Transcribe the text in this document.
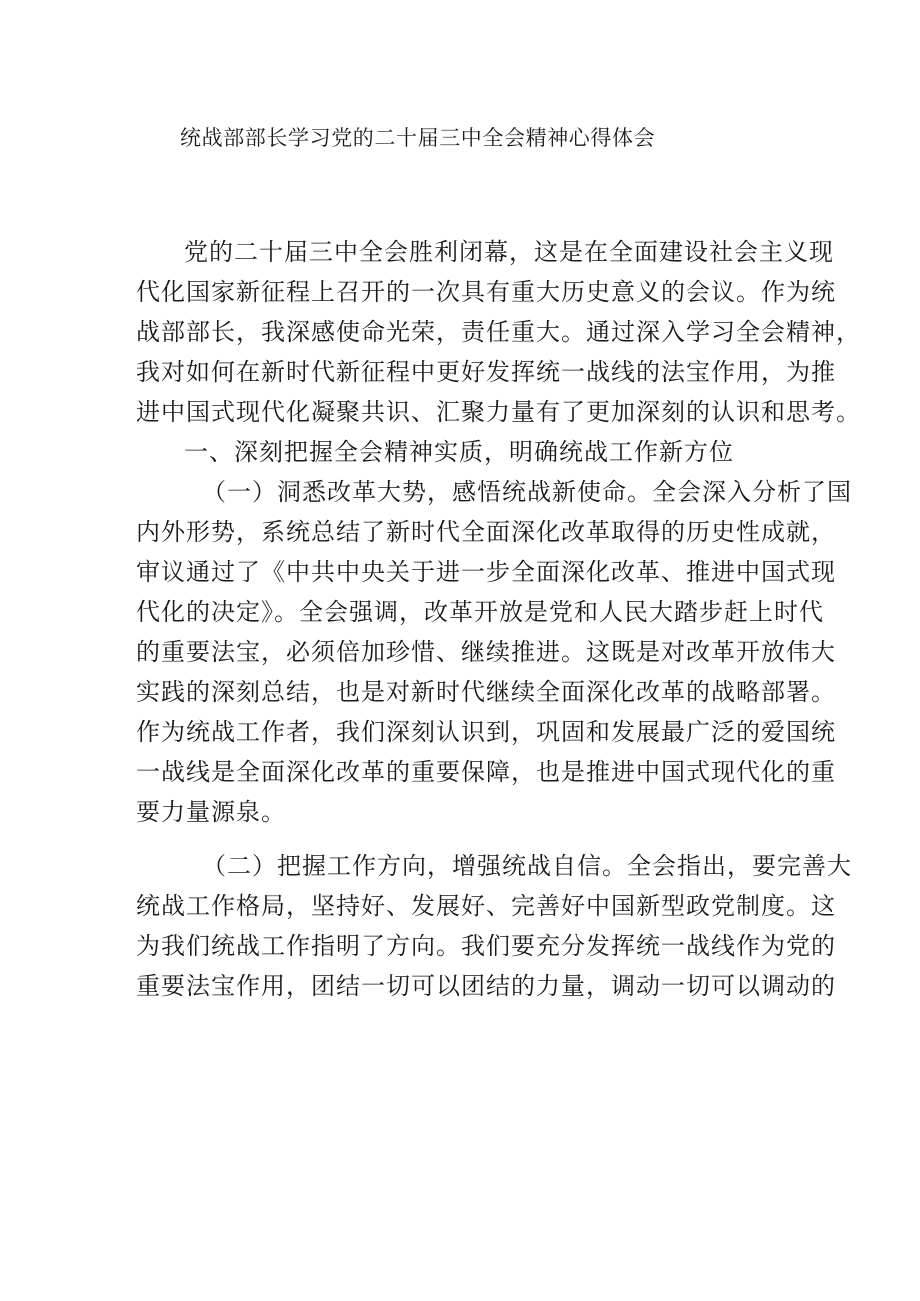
统战部部长学习党的二十届三中全会精神心得体会
党的二十届三中全会胜利闭幕，这是在全面建设社会主义现
代化国家新征程上召开的一次具有重大历史意义的会议。作为统
战部部长，我深感使命光荣，责任重大。通过深入学习全会精神，
我对如何在新时代新征程中更好发挥统一战线的法宝作用，为推
进中国式现代化凝聚共识、汇聚力量有了更加深刻的认识和思考。
一、深刻把握全会精神实质，明确统战工作新方位
（一）洞悉改革大势，感悟统战新使命。全会深入分析了国
内外形势，系统总结了新时代全面深化改革取得的历史性成就，
审议通过了《中共中央关于进一步全面深化改革、推进中国式现
代化的决定》。全会强调，改革开放是党和人民大踏步赶上时代
的重要法宝，必须倍加珍惜、继续推进。这既是对改革开放伟大
实践的深刻总结，也是对新时代继续全面深化改革的战略部署。
作为统战工作者，我们深刻认识到，巩固和发展最广泛的爱国统
一战线是全面深化改革的重要保障，也是推进中国式现代化的重
要力量源泉。
（二）把握工作方向，增强统战自信。全会指出，要完善大
统战工作格局，坚持好、发展好、完善好中国新型政党制度。这
为我们统战工作指明了方向。我们要充分发挥统一战线作为党的
重要法宝作用，团结一切可以团结的力量，调动一切可以调动的
